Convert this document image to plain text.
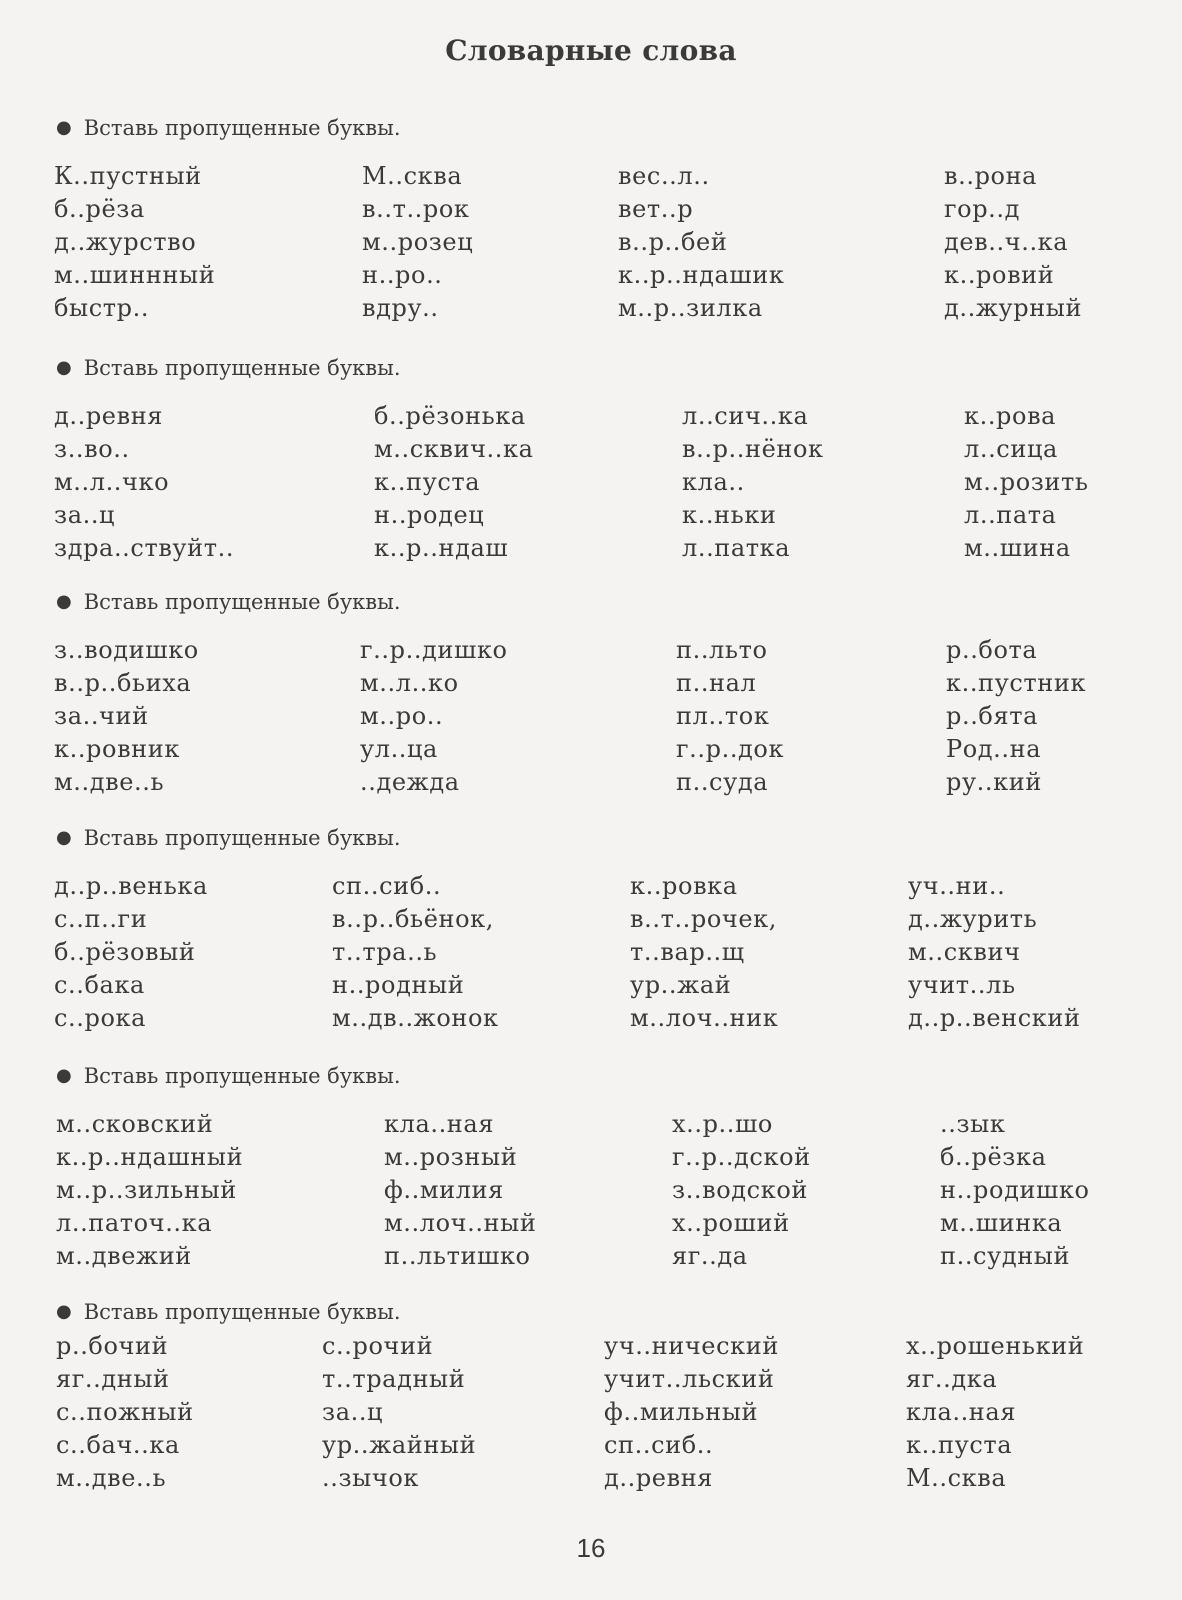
Словарные слова
● Вставь пропущенные буквы.
К..пустный
б..рёза
д..журство
м..шиннный
быстр..
М..сква
в..т..рок
м..розец
н..ро..
вдру..
вес..л..
вет..р
в..р..бей
к..р..ндашик
м..р..зилка
в..рона
гор..д
дев..ч..ка
к..ровий
д..журный
● Вставь пропущенные буквы.
д..ревня
з..во..
м..л..чко
за..ц
здра..ствуйт..
б..рёзонька
м..сквич..ка
к..пуста
н..родец
к..р..ндаш
л..сич..ка
в..р..нёнок
кла..
к..ньки
л..патка
к..рова
л..сица
м..розить
л..пата
м..шина
● Вставь пропущенные буквы.
з..водишко
в..р..бьиха
за..чий
к..ровник
м..две..ь
г..р..дишко
м..л..ко
м..ро..
ул..ца
..дежда
п..льто
п..нал
пл..ток
г..р..док
п..суда
р..бота
к..пустник
р..бята
Род..на
ру..кий
● Вставь пропущенные буквы.
д..р..венька
с..п..ги
б..рёзовый
с..бака
с..рока
сп..сиб..
в..р..бьёнок,
т..тра..ь
н..родный
м..дв..жонок
к..ровка
в..т..рочек,
т..вар..щ
ур..жай
м..лоч..ник
уч..ни..
д..журить
м..сквич
учит..ль
д..р..венский
● Вставь пропущенные буквы.
м..сковский
к..р..ндашный
м..р..зильный
л..паточ..ка
м..двежий
кла..ная
м..розный
ф..милия
м..лоч..ный
п..льтишко
х..р..шо
г..р..дской
з..водской
х..роший
яг..да
..зык
б..рёзка
н..родишко
м..шинка
п..судный
● Вставь пропущенные буквы.
р..бочий
яг..дный
с..пожный
с..бач..ка
м..две..ь
с..рочий
т..традный
за..ц
ур..жайный
..зычок
уч..нический
учит..льский
ф..мильный
сп..сиб..
д..ревня
х..рошенький
яг..дка
кла..ная
к..пуста
М..сква
16
